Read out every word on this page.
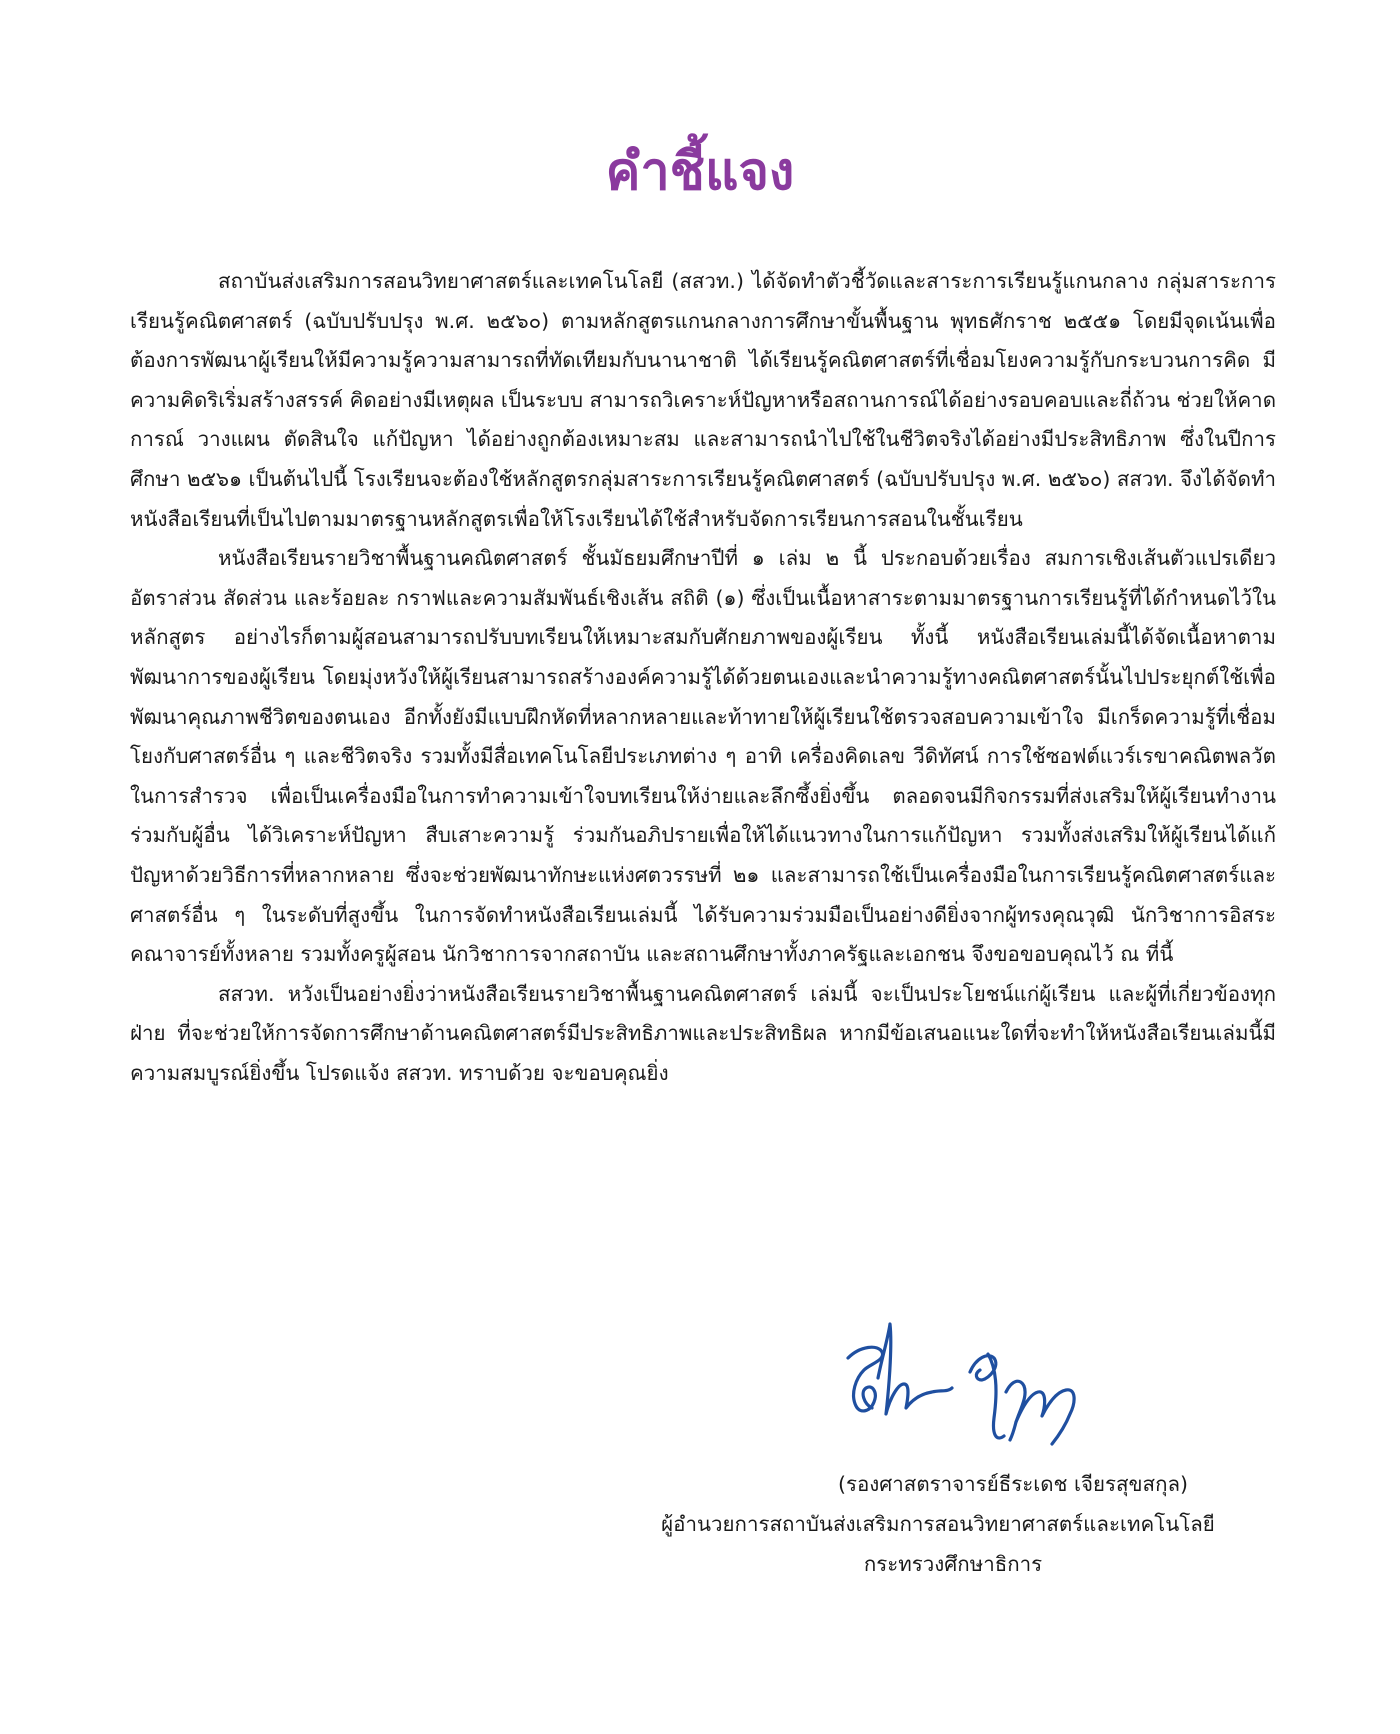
คำชี้แจง

สถาบันส่งเสริมการสอนวิทยาศาสตร์และเทคโนโลยี (สสวท.) ได้จัดทำตัวชี้วัดและสาระการเรียนรู้แกนกลาง กลุ่มสาระการเรียนรู้คณิตศาสตร์ (ฉบับปรับปรุง พ.ศ. ๒๕๖๐) ตามหลักสูตรแกนกลางการศึกษาขั้นพื้นฐาน พุทธศักราช ๒๕๕๑ โดยมีจุดเน้นเพื่อต้องการพัฒนาผู้เรียนให้มีความรู้ความสามารถที่ทัดเทียมกับนานาชาติ ได้เรียนรู้คณิตศาสตร์ที่เชื่อมโยงความรู้กับกระบวนการคิด มีความคิดริเริ่มสร้างสรรค์ คิดอย่างมีเหตุผล เป็นระบบ สามารถวิเคราะห์ปัญหาหรือสถานการณ์ได้อย่างรอบคอบและถี่ถ้วน ช่วยให้คาดการณ์ วางแผน ตัดสินใจ แก้ปัญหา ได้อย่างถูกต้องเหมาะสม และสามารถนำไปใช้ในชีวิตจริงได้อย่างมีประสิทธิภาพ ซึ่งในปีการศึกษา ๒๕๖๑ เป็นต้นไปนี้ โรงเรียนจะต้องใช้หลักสูตรกลุ่มสาระการเรียนรู้คณิตศาสตร์ (ฉบับปรับปรุง พ.ศ. ๒๕๖๐) สสวท. จึงได้จัดทำหนังสือเรียนที่เป็นไปตามมาตรฐานหลักสูตรเพื่อให้โรงเรียนได้ใช้สำหรับจัดการเรียนการสอนในชั้นเรียน

หนังสือเรียนรายวิชาพื้นฐานคณิตศาสตร์ ชั้นมัธยมศึกษาปีที่ ๑ เล่ม ๒ นี้ ประกอบด้วยเรื่อง สมการเชิงเส้นตัวแปรเดียว อัตราส่วน สัดส่วน และร้อยละ กราฟและความสัมพันธ์เชิงเส้น สถิติ (๑) ซึ่งเป็นเนื้อหาสาระตามมาตรฐานการเรียนรู้ที่ได้กำหนดไว้ในหลักสูตร อย่างไรก็ตามผู้สอนสามารถปรับบทเรียนให้เหมาะสมกับศักยภาพของผู้เรียน ทั้งนี้ หนังสือเรียนเล่มนี้ได้จัดเนื้อหาตามพัฒนาการของผู้เรียน โดยมุ่งหวังให้ผู้เรียนสามารถสร้างองค์ความรู้ได้ด้วยตนเองและนำความรู้ทางคณิตศาสตร์นั้นไปประยุกต์ใช้เพื่อพัฒนาคุณภาพชีวิตของตนเอง อีกทั้งยังมีแบบฝึกหัดที่หลากหลายและท้าทายให้ผู้เรียนใช้ตรวจสอบความเข้าใจ มีเกร็ดความรู้ที่เชื่อมโยงกับศาสตร์อื่น ๆ และชีวิตจริง รวมทั้งมีสื่อเทคโนโลยีประเภทต่าง ๆ อาทิ เครื่องคิดเลข วีดิทัศน์ การใช้ซอฟต์แวร์เรขาคณิตพลวัตในการสำรวจ เพื่อเป็นเครื่องมือในการทำความเข้าใจบทเรียนให้ง่ายและลึกซึ้งยิ่งขึ้น ตลอดจนมีกิจกรรมที่ส่งเสริมให้ผู้เรียนทำงานร่วมกับผู้อื่น ได้วิเคราะห์ปัญหา สืบเสาะความรู้ ร่วมกันอภิปรายเพื่อให้ได้แนวทางในการแก้ปัญหา รวมทั้งส่งเสริมให้ผู้เรียนได้แก้ปัญหาด้วยวิธีการที่หลากหลาย ซึ่งจะช่วยพัฒนาทักษะแห่งศตวรรษที่ ๒๑ และสามารถใช้เป็นเครื่องมือในการเรียนรู้คณิตศาสตร์และศาสตร์อื่น ๆ ในระดับที่สูงขึ้น ในการจัดทำหนังสือเรียนเล่มนี้ ได้รับความร่วมมือเป็นอย่างดียิ่งจากผู้ทรงคุณวุฒิ นักวิชาการอิสระ คณาจารย์ทั้งหลาย รวมทั้งครูผู้สอน นักวิชาการจากสถาบัน และสถานศึกษาทั้งภาครัฐและเอกชน จึงขอขอบคุณไว้ ณ ที่นี้

สสวท. หวังเป็นอย่างยิ่งว่าหนังสือเรียนรายวิชาพื้นฐานคณิตศาสตร์ เล่มนี้ จะเป็นประโยชน์แก่ผู้เรียน และผู้ที่เกี่ยวข้องทุกฝ่าย ที่จะช่วยให้การจัดการศึกษาด้านคณิตศาสตร์มีประสิทธิภาพและประสิทธิผล หากมีข้อเสนอแนะใดที่จะทำให้หนังสือเรียนเล่มนี้มีความสมบูรณ์ยิ่งขึ้น โปรดแจ้ง สสวท. ทราบด้วย จะขอบคุณยิ่ง

(รองศาสตราจารย์ธีระเดช เจียรสุขสกุล)
ผู้อำนวยการสถาบันส่งเสริมการสอนวิทยาศาสตร์และเทคโนโลยี
กระทรวงศึกษาธิการ
